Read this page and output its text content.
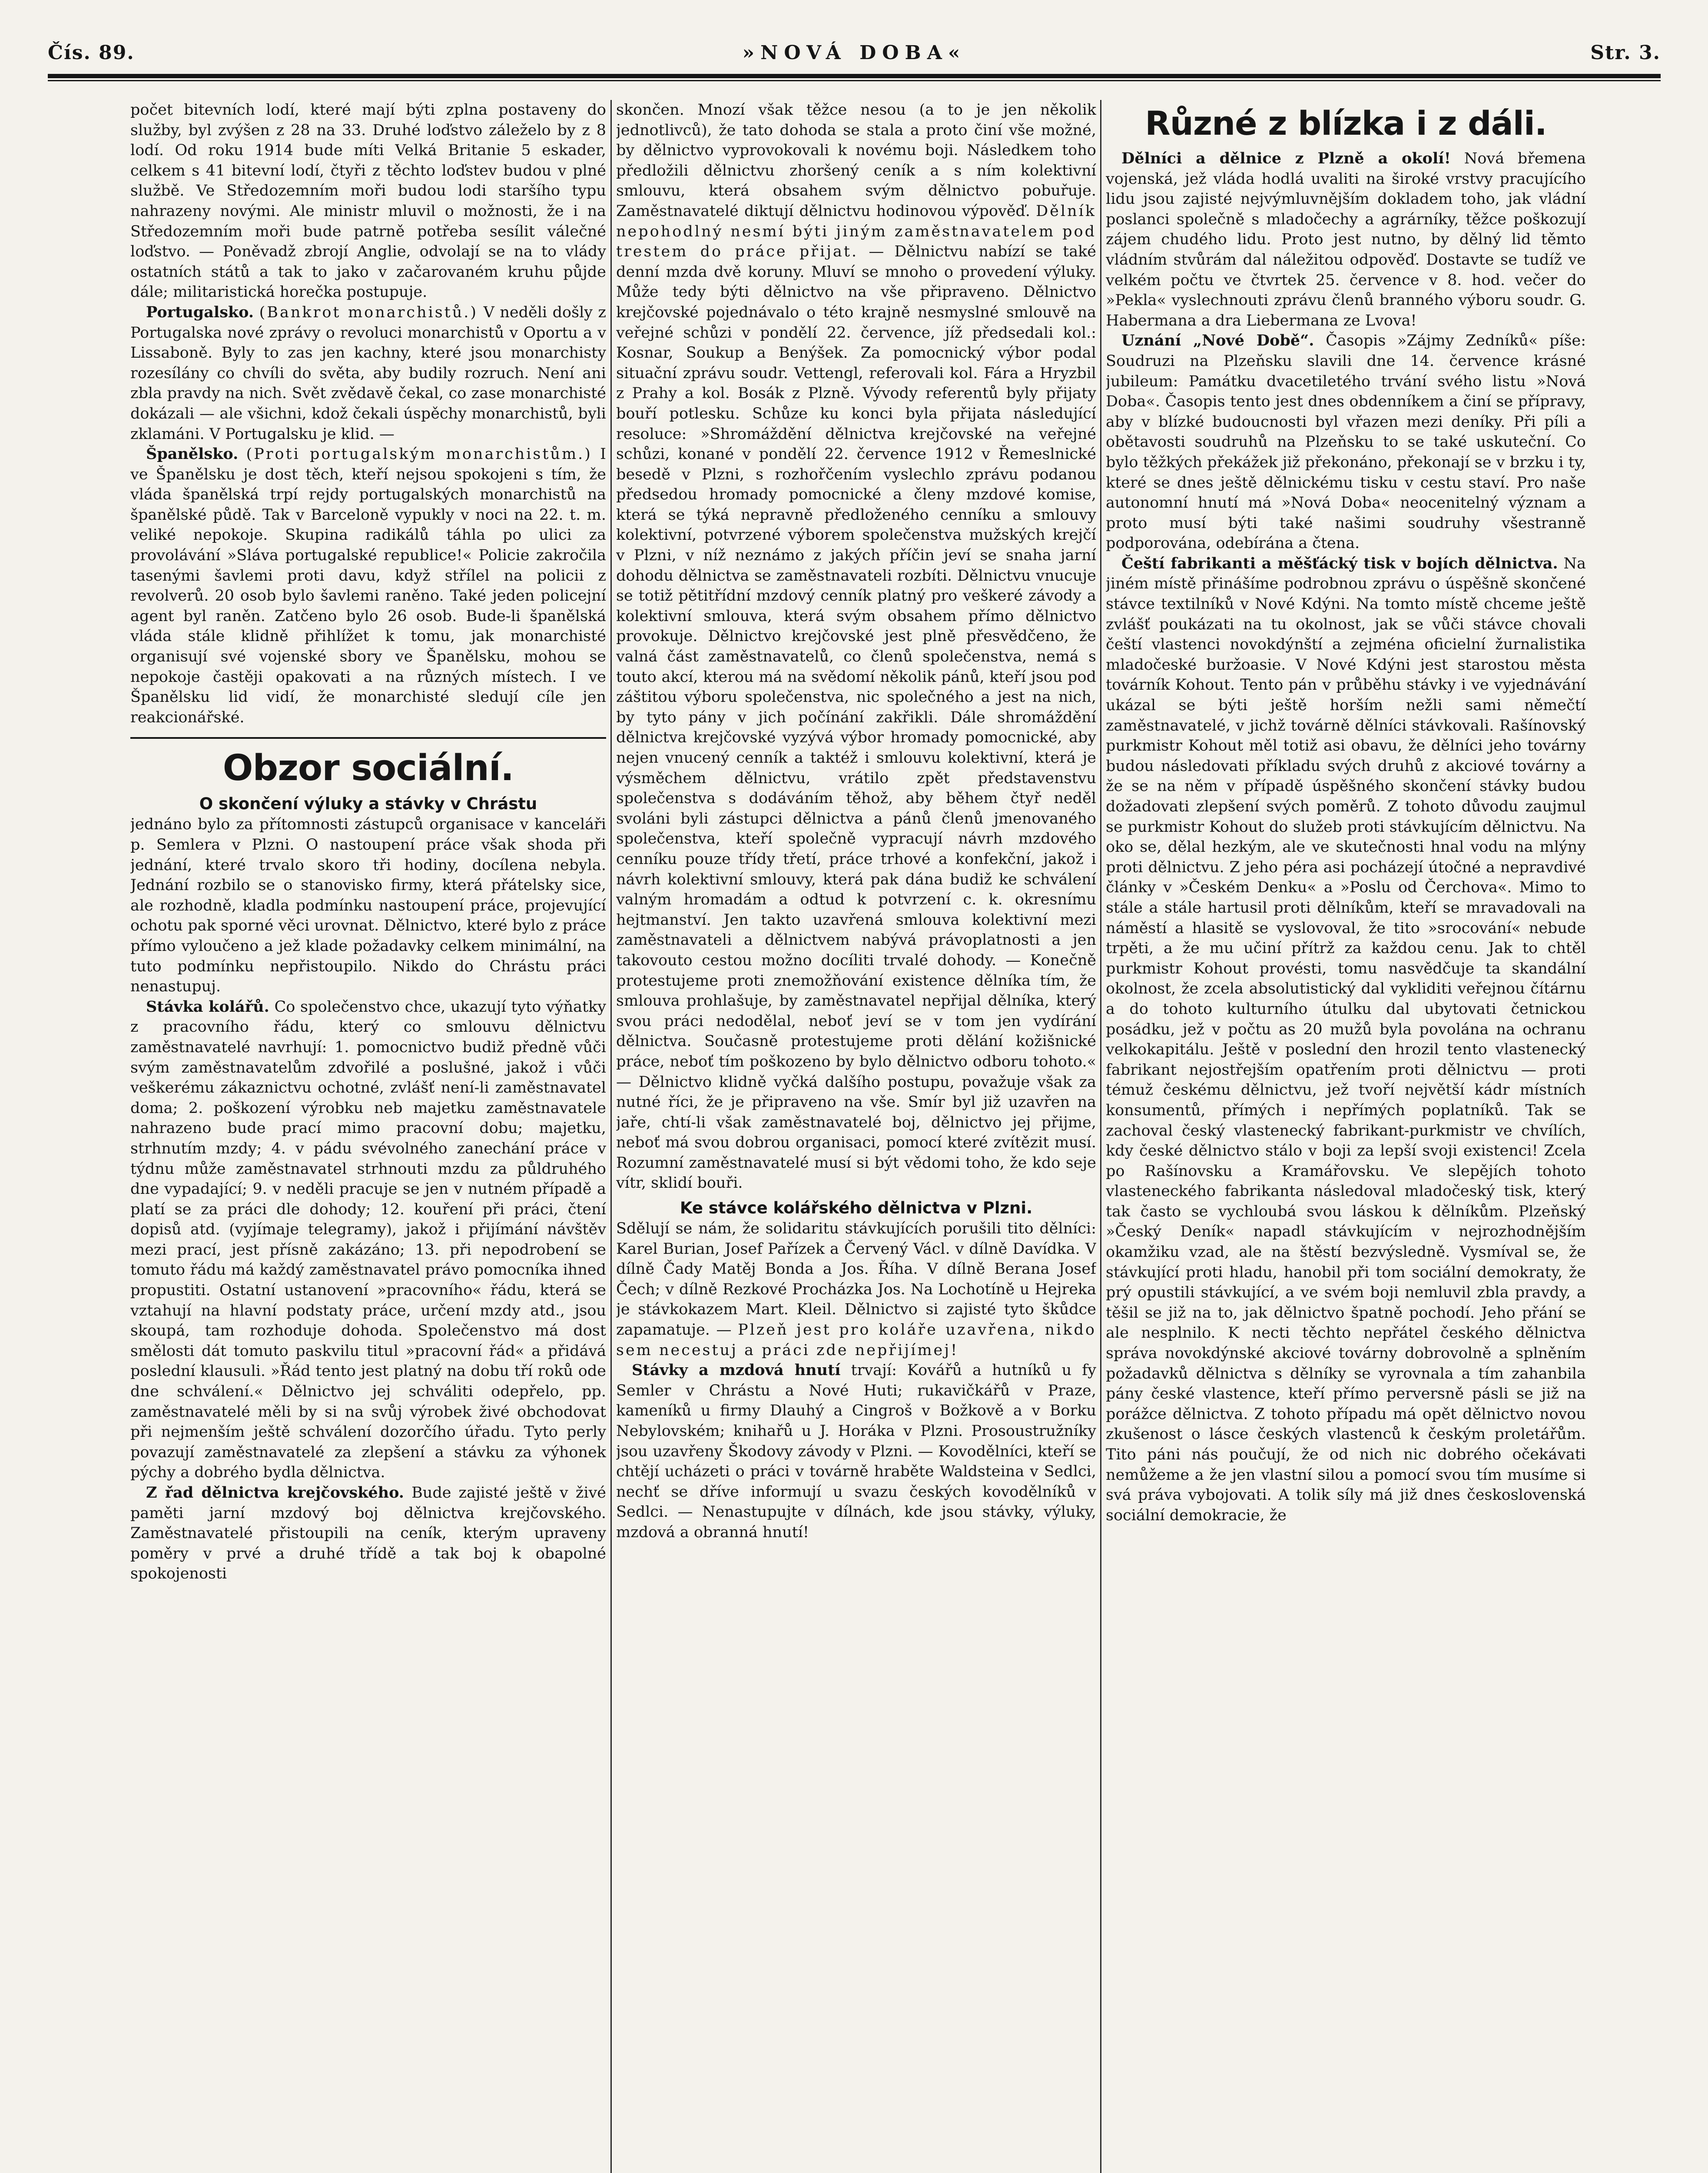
Čís. 89.	»NOVÁ DOBA«	Str. 3.

počet bitevních lodí, které mají býti zplna postaveny do služby, byl zvýšen z 28 na 33. Druhé loďstvo záleželo by z 8 lodí. Od roku 1914 bude míti Velká Britanie 5 eskader, celkem s 41 bitevní lodí, čtyři z těchto loďstev budou v plné službě. Ve Středozemním moři budou lodi staršího typu nahrazeny novými. Ale ministr mluvil o možnosti, že i na Středozemním moři bude patrně potřeba sesílit válečné loďstvo. — Poněvadž zbrojí Anglie, odvolají se na to vlády ostatních států a tak to jako v začarovaném kruhu půjde dále; militaristická horečka postupuje.

Portugalsko. (Bankrot monarchistů.) V neděli došly z Portugalska nové zprávy o revoluci monarchistů v Oportu a v Lissaboně. Byly to zas jen kachny, které jsou monarchisty rozesílány co chvíli do světa, aby budily rozruch. Není ani zbla pravdy na nich. Svět zvědavě čekal, co zase monarchisté dokázali — ale všichni, kdož čekali úspěchy monarchistů, byli zklamáni. V Portugalsku je klid. —

Španělsko. (Proti portugalským monarchistům.) I ve Španělsku je dost těch, kteří nejsou spokojeni s tím, že vláda španělská trpí rejdy portugalských monarchistů na španělské půdě. Tak v Barceloně vypukly v noci na 22. t. m. veliké nepokoje. Skupina radikálů táhla po ulici za provolávání »Sláva portugalské republice!« Policie zakročila tasenými šavlemi proti davu, když střílel na policii z revolverů. 20 osob bylo šavlemi raněno. Také jeden policejní agent byl raněn. Zatčeno bylo 26 osob. Bude-li španělská vláda stále klidně přihlížet k tomu, jak monarchisté organisují své vojenské sbory ve Španělsku, mohou se nepokoje častěji opakovati a na různých místech. I ve Španělsku lid vidí, že monarchisté sledují cíle jen reakcionářské.

Obzor sociální.
O skončení výluky a stávky v Chrástu

jednáno bylo za přítomnosti zástupců organisace v kanceláři p. Semlera v Plzni. O nastoupení práce však shoda při jednání, které trvalo skoro tři hodiny, docílena nebyla. Jednání rozbilo se o stanovisko firmy, která přátelsky sice, ale rozhodně, kladla podmínku nastoupení práce, projevující ochotu pak sporné věci urovnat. Dělnictvo, které bylo z práce přímo vyloučeno a jež klade požadavky celkem minimální, na tuto podmínku nepřistoupilo. Nikdo do Chrástu práci nenastupuj.

Stávka kolářů. Co společenstvo chce, ukazují tyto výňatky z pracovního řádu, který co smlouvu dělnictvu zaměstnavatelé navrhují: 1. pomocnictvo budiž předně vůči svým zaměstnavatelům zdvořilé a poslušné, jakož i vůči veškerému zákaznictvu ochotné, zvlášť není-li zaměstnavatel doma; 2. poškození výrobku neb majetku zaměstnavatele nahrazeno bude prací mimo pracovní dobu; majetku, strhnutím mzdy; 4. v pádu svévolného zanechání práce v týdnu může zaměstnavatel strhnouti mzdu za půldruhého dne vypadající; 9. v neděli pracuje se jen v nutném případě a platí se za práci dle dohody; 12. kouření při práci, čtení dopisů atd. (vyjímaje telegramy), jakož i přijímání návštěv mezi prací, jest přísně zakázáno; 13. při nepodrobení se tomuto řádu má každý zaměstnavatel právo pomocníka ihned propustiti. Ostatní ustanovení »pracovního« řádu, která se vztahují na hlavní podstaty práce, určení mzdy atd., jsou skoupá, tam rozhoduje dohoda. Společenstvo má dost smělosti dát tomuto paskvilu titul »pracovní řád« a přidává poslední klausuli. »Řád tento jest platný na dobu tří roků ode dne schválení.« Dělnictvo jej schváliti odepřelo, pp. zaměstnavatelé měli by si na svůj výrobek živé obchodovat při nejmenším ještě schválení dozorčího úřadu. Tyto perly povazují zaměstnavatelé za zlepšení a stávku za výhonek pýchy a dobrého bydla dělnictva.

Z řad dělnictva krejčovského. Bude zajisté ještě v živé paměti jarní mzdový boj dělnictva krejčovského. Zaměstnavatelé přistoupili na ceník, kterým upraveny poměry v prvé a druhé třídě a tak boj k obapolné spokojenosti

skončen. Mnozí však těžce nesou (a to je jen několik jednotlivců), že tato dohoda se stala a proto činí vše možné, by dělnictvo vyprovokovali k novému boji. Následkem toho předložili dělnictvu zhoršený ceník a s ním kolektivní smlouvu, která obsahem svým dělnictvo pobuřuje. Zaměstnavatelé diktují dělnictvu hodinovou výpověď. Dělník nepohodlný nesmí býti jiným zaměstnavatelem pod trestem do práce přijat. — Dělnictvu nabízí se také denní mzda dvě koruny. Mluví se mnoho o provedení výluky. Může tedy býti dělnictvo na vše připraveno. Dělnictvo krejčovské pojednávalo o této krajně nesmyslné smlouvě na veřejné schůzi v pondělí 22. července, jíž předsedali kol.: Kosnar, Soukup a Benýšek. Za pomocnický výbor podal situační zprávu soudr. Vettengl, referovali kol. Fára a Hryzbil z Prahy a kol. Bosák z Plzně. Vývody referentů byly přijaty bouří potlesku. Schůze ku konci byla přijata následující resoluce: »Shromáždění dělnictva krejčovské na veřejné schůzi, konané v pondělí 22. července 1912 v Řemeslnické besedě v Plzni, s rozhořčením vyslechlo zprávu podanou předsedou hromady pomocnické a členy mzdové komise, která se týká nepravně předloženého cenníku a smlouvy kolektivní, potvrzené výborem společenstva mužských krejčí v Plzni, v níž neznámo z jakých příčin jeví se snaha jarní dohodu dělnictva se zaměstnavateli rozbíti. Dělnictvu vnucuje se totiž pětitřídní mzdový cenník platný pro veškeré závody a kolektivní smlouva, která svým obsahem přímo dělnictvo provokuje. Dělnictvo krejčovské jest plně přesvědčeno, že valná část zaměstnavatelů, co členů společenstva, nemá s touto akcí, kterou má na svědomí několik pánů, kteří jsou pod záštitou výboru společenstva, nic společného a jest na nich, by tyto pány v jich počínání zakřikli. Dále shromáždění dělnictva krejčovské vyzývá výbor hromady pomocnické, aby nejen vnucený cenník a taktéž i smlouvu kolektivní, která je výsměchem dělnictvu, vrátilo zpět představenstvu společenstva s dodáváním těhož, aby během čtyř neděl svoláni byli zástupci dělnictva a pánů členů jmenovaného společenstva, kteří společně vypracují návrh mzdového cenníku pouze třídy třetí, práce trhové a konfekční, jakož i návrh kolektivní smlouvy, která pak dána budiž ke schválení valným hromadám a odtud k potvrzení c. k. okresnímu hejtmanství. Jen takto uzavřená smlouva kolektivní mezi zaměstnavateli a dělnictvem nabývá právoplatnosti a jen takovouto cestou možno docíliti trvalé dohody. — Konečně protestujeme proti znemožňování existence dělníka tím, že smlouva prohlašuje, by zaměstnavatel nepřijal dělníka, který svou práci nedodělal, neboť jeví se v tom jen vydírání dělnictva. Současně protestujeme proti dělání kožišnické práce, neboť tím poškozeno by bylo dělnictvo odboru tohoto.« — Dělnictvo klidně vyčká dalšího postupu, považuje však za nutné říci, že je připraveno na vše. Smír byl již uzavřen na jaře, chtí-li však zaměstnavatelé boj, dělnictvo jej přijme, neboť má svou dobrou organisaci, pomocí které zvítězit musí. Rozumní zaměstnavatelé musí si být vědomi toho, že kdo seje vítr, sklidí bouři.

Ke stávce kolářského dělnictva v Plzni.

Sdělují se nám, že solidaritu stávkujících porušili tito dělníci: Karel Burian, Josef Pařízek a Červený Václ. v dílně Davídka. V dílně Čady Matěj Bonda a Jos. Říha. V dílně Berana Josef Čech; v dílně Rezkové Procházka Jos. Na Lochotíně u Hejreka je stávkokazem Mart. Kleil. Dělnictvo si zajisté tyto škůdce zapamatuje. — Plzeň jest pro koláře uzavřena, nikdo sem necestuj a práci zde nepřijímej!

Stávky a mzdová hnutí trvají: Kovářů a hutníků u fy Semler v Chrástu a Nové Huti; rukavičkářů v Praze, kameníků u firmy Dlauhý a Cingroš v Božkově a v Borku Nebylovském; knihařů u J. Horáka v Plzni. Prosoustružníky jsou uzavřeny Škodovy závody v Plzni. — Kovodělníci, kteří se chtějí ucházeti o práci v továrně hraběte Waldsteina v Sedlci, nechť se dříve informují u svazu českých kovodělníků v Sedlci. — Nenastupujte v dílnách, kde jsou stávky, výluky, mzdová a obranná hnutí!

Různé z blízka i z dáli.

Dělníci a dělnice z Plzně a okolí! Nová břemena vojenská, jež vláda hodlá uvaliti na široké vrstvy pracujícího lidu jsou zajisté nejvýmluvnějším dokladem toho, jak vládní poslanci společně s mladočechy a agrárníky, těžce poškozují zájem chudého lidu. Proto jest nutno, by dělný lid těmto vládním stvůrám dal náležitou odpověď. Dostavte se tudíž ve velkém počtu ve čtvrtek 25. července v 8. hod. večer do »Pekla« vyslechnouti zprávu členů branného výboru soudr. G. Habermana a dra Liebermana ze Lvova!

Uznání „Nové Době“. Časopis »Zájmy Zedníků« píše: Soudruzi na Plzeňsku slavili dne 14. července krásné jubileum: Památku dvacetiletého trvání svého listu »Nová Doba«. Časopis tento jest dnes obdenníkem a činí se přípravy, aby v blízké budoucnosti byl vřazen mezi deníky. Při píli a obětavosti soudruhů na Plzeňsku to se také uskuteční. Co bylo těžkých překážek již překonáno, překonají se v brzku i ty, které se dnes ještě dělnickému tisku v cestu staví. Pro naše autonomní hnutí má »Nová Doba« neocenitelný význam a proto musí býti také našimi soudruhy všestranně podporována, odebírána a čtena.

Čeští fabrikanti a měšťácký tisk v bojích dělnictva. Na jiném místě přinášíme podrobnou zprávu o úspěšně skončené stávce textilníků v Nové Kdýni. Na tomto místě chceme ještě zvlášť poukázati na tu okolnost, jak se vůči stávce chovali čeští vlastenci novokdýnští a zejména oficielní žurnalistika mladočeské buržoasie. V Nové Kdýni jest starostou města továrník Kohout. Tento pán v průběhu stávky i ve vyjednávání ukázal se býti ještě horším nežli sami němečtí zaměstnavatelé, v jichž továrně dělníci stávkovali. Rašínovský purkmistr Kohout měl totiž asi obavu, že dělníci jeho továrny budou následovati příkladu svých druhů z akciové továrny a že se na něm v případě úspěšného skončení stávky budou dožadovati zlepšení svých poměrů. Z tohoto důvodu zaujmul se purkmistr Kohout do služeb proti stávkujícím dělnictvu. Na oko se, dělal hezkým, ale ve skutečnosti hnal vodu na mlýny proti dělnictvu. Z jeho péra asi pocházejí útočné a nepravdivé články v »Českém Denku« a »Poslu od Čerchova«. Mimo to stále a stále hartusil proti dělníkům, kteří se mravadovali na náměstí a hlasitě se vyslovoval, že tito »srocování« nebude trpěti, a že mu učiní přítrž za každou cenu. Jak to chtěl purkmistr Kohout provésti, tomu nasvědčuje ta skandální okolnost, že zcela absolutistický dal vykliditi veřejnou čítárnu a do tohoto kulturního útulku dal ubytovati četnickou posádku, jež v počtu as 20 mužů byla povolána na ochranu velkokapitálu. Ještě v poslední den hrozil tento vlastenecký fabrikant nejostřejším opatřením proti dělnictvu — proti témuž českému dělnictvu, jež tvoří největší kádr místních konsumentů, přímých i nepřímých poplatníků. Tak se zachoval český vlastenecký fabrikant-purkmistr ve chvílích, kdy české dělnictvo stálo v boji za lepší svoji existenci! Zcela po Rašínovsku a Kramářovsku. Ve slepějích tohoto vlasteneckého fabrikanta následoval mladočeský tisk, který tak často se vychloubá svou láskou k dělníkům. Plzeňský »Český Deník« napadl stávkujícím v nejrozhodnějším okamžiku vzad, ale na štěstí bezvýsledně. Vysmíval se, že stávkující proti hladu, hanobil při tom sociální demokraty, že prý opustili stávkující, a ve svém boji nemluvil zbla pravdy, a těšil se již na to, jak dělnictvo špatně pochodí. Jeho přání se ale nesplnilo. K necti těchto nepřátel českého dělnictva správa novokdýnské akciové továrny dobrovolně a splněním požadavků dělnictva s dělníky se vyrovnala a tím zahanbila pány české vlastence, kteří přímo perversně pásli se již na porážce dělnictva. Z tohoto případu má opět dělnictvo novou zkušenost o lásce českých vlastenců k českým proletářům. Tito páni nás poučují, že od nich nic dobrého očekávati nemůžeme a že jen vlastní silou a pomocí svou tím musíme si svá práva vybojovati. A tolik síly má již dnes československá sociální demokracie, že
